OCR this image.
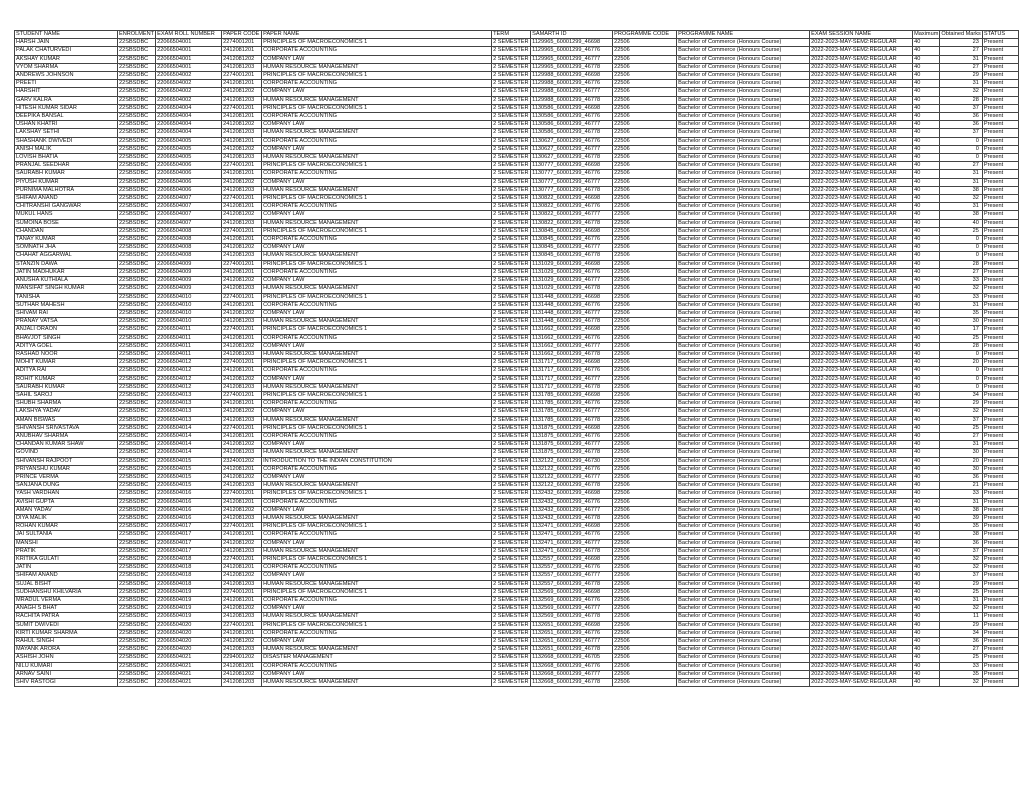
STUDENT NAME	ENROLMENT	EXAM ROLL NUMBER	PAPER CODE	PAPER NAME	TERM	SAMARTH ID	PROGRAMME CODE	PROGRAMME NAME	EXAM SESSION NAME	Maximum	Obtained Marks	STATUS
HARSH JAIN	22SBSDBC	22066504001	2274001201	PRINCIPLES OF MACROECONOMICS 1	2 SEMESTER	1129965_60001299_46698	22506	Bachelor of Commerce (Honours Course)	2022-2023-MAY-SEM2:REGULAR	40	23	Present
PALAK CHATURVEDI	22SBSDBC	22066504001	2412081201	CORPORATE ACCOUNTING	2 SEMESTER	1129965_60001299_46776	22506	Bachelor of Commerce (Honours Course)	2022-2023-MAY-SEM2:REGULAR	40	27	Present
AKSHAY KUMAR	22SBSDBC	22066504001	2412081202	COMPANY LAW	2 SEMESTER	1129965_60001299_46777	22506	Bachelor of Commerce (Honours Course)	2022-2023-MAY-SEM2:REGULAR	40	31	Present
VYOM SHARMA	22SBSDBC	22066504001	2412081203	HUMAN RESOURCE MANAGEMENT	2 SEMESTER	1129965_60001299_46778	22506	Bachelor of Commerce (Honours Course)	2022-2023-MAY-SEM2:REGULAR	40	27	Present
ANDREWS JOHNSON	22SBSDBC	22066504002	2274001201	PRINCIPLES OF MACROECONOMICS 1	2 SEMESTER	1129988_60001299_46698	22506	Bachelor of Commerce (Honours Course)	2022-2023-MAY-SEM2:REGULAR	40	29	Present
PREETI	22SBSDBC	22066504002	2412081201	CORPORATE ACCOUNTING	2 SEMESTER	1129988_60001299_46776	22506	Bachelor of Commerce (Honours Course)	2022-2023-MAY-SEM2:REGULAR	40	31	Present
HARSHIT	22SBSDBC	22066504002	2412081202	COMPANY LAW	2 SEMESTER	1129988_60001299_46777	22506	Bachelor of Commerce (Honours Course)	2022-2023-MAY-SEM2:REGULAR	40	32	Present
GARV KALRA	22SBSDBC	22066504002	2412081203	HUMAN RESOURCE MANAGEMENT	2 SEMESTER	1129988_60001299_46778	22506	Bachelor of Commerce (Honours Course)	2022-2023-MAY-SEM2:REGULAR	40	28	Present
HITESH KUMAR SIDAR	22SBSDBC	22066504004	2274001201	PRINCIPLES OF MACROECONOMICS 1	2 SEMESTER	1130586_60001299_46698	22506	Bachelor of Commerce (Honours Course)	2022-2023-MAY-SEM2:REGULAR	40	37	Present
DEEPIKA BANSAL	22SBSDBC	22066504004	2412081201	CORPORATE ACCOUNTING	2 SEMESTER	1130586_60001299_46776	22506	Bachelor of Commerce (Honours Course)	2022-2023-MAY-SEM2:REGULAR	40	36	Present
USHAN KHATRI	22SBSDBC	22066504004	2412081202	COMPANY LAW	2 SEMESTER	1130586_60001299_46777	22506	Bachelor of Commerce (Honours Course)	2022-2023-MAY-SEM2:REGULAR	40	36	Present
LAKSHAY SETHI	22SBSDBC	22066504004	2412081203	HUMAN RESOURCE MANAGEMENT	2 SEMESTER	1130586_60001299_46778	22506	Bachelor of Commerce (Honours Course)	2022-2023-MAY-SEM2:REGULAR	40	37	Present
SHASHANK DWIVEDI	22SBSDBC	22066504005	2412081201	CORPORATE ACCOUNTING	2 SEMESTER	1130627_60001299_46776	22506	Bachelor of Commerce (Honours Course)	2022-2023-MAY-SEM2:REGULAR	40	0	Present
ANISH MALIK	22SBSDBC	22066504005	2412081202	COMPANY LAW	2 SEMESTER	1130627_60001299_46777	22506	Bachelor of Commerce (Honours Course)	2022-2023-MAY-SEM2:REGULAR	40	0	Present
LOVISH BHATIA	22SBSDBC	22066504005	2412081203	HUMAN RESOURCE MANAGEMENT	2 SEMESTER	1130627_60001299_46778	22506	Bachelor of Commerce (Honours Course)	2022-2023-MAY-SEM2:REGULAR	40	0	Present
PRANJAL SEEDHAR	22SBSDBC	22066504006	2274001201	PRINCIPLES OF MACROECONOMICS 1	2 SEMESTER	1130777_60001299_46698	22506	Bachelor of Commerce (Honours Course)	2022-2023-MAY-SEM2:REGULAR	40	27	Present
SAURABH KUMAR	22SBSDBC	22066504006	2412081201	CORPORATE ACCOUNTING	2 SEMESTER	1130777_60001299_46776	22506	Bachelor of Commerce (Honours Course)	2022-2023-MAY-SEM2:REGULAR	40	31	Present
PIYUSH KUMAR	22SBSDBC	22066504006	2412081202	COMPANY LAW	2 SEMESTER	1130777_60001299_46777	22506	Bachelor of Commerce (Honours Course)	2022-2023-MAY-SEM2:REGULAR	40	31	Present
PURNIMA MALHOTRA	22SBSDBC	22066504006	2412081203	HUMAN RESOURCE MANAGEMENT	2 SEMESTER	1130777_60001299_46778	22506	Bachelor of Commerce (Honours Course)	2022-2023-MAY-SEM2:REGULAR	40	38	Present
SHIFAM ANAND	22SBSDBC	22066504007	2274001201	PRINCIPLES OF MACROECONOMICS 1	2 SEMESTER	1130822_60001299_46698	22506	Bachelor of Commerce (Honours Course)	2022-2023-MAY-SEM2:REGULAR	40	32	Present
CHITRANSHI GANGWAR	22SBSDBC	22066504007	2412081201	CORPORATE ACCOUNTING	2 SEMESTER	1130822_60001299_46776	22506	Bachelor of Commerce (Honours Course)	2022-2023-MAY-SEM2:REGULAR	40	31	Present
MUKUL HANS	22SBSDBC	22066504007	2412081202	COMPANY LAW	2 SEMESTER	1130822_60001299_46777	22506	Bachelor of Commerce (Honours Course)	2022-2023-MAY-SEM2:REGULAR	40	38	Present
SUMOINA BOSE	22SBSDBC	22066504007	2412081203	HUMAN RESOURCE MANAGEMENT	2 SEMESTER	1130822_60001299_46778	22506	Bachelor of Commerce (Honours Course)	2022-2023-MAY-SEM2:REGULAR	40	40	Present
CHANDAN	22SBSDBC	22066504008	2274001201	PRINCIPLES OF MACROECONOMICS 1	2 SEMESTER	1130845_60001299_46698	22506	Bachelor of Commerce (Honours Course)	2022-2023-MAY-SEM2:REGULAR	40	25	Present
TANAY KUMAR	22SBSDBC	22066504008	2412081201	CORPORATE ACCOUNTING	2 SEMESTER	1130845_60001299_46776	22506	Bachelor of Commerce (Honours Course)	2022-2023-MAY-SEM2:REGULAR	40	0	Present
SOMNATH JHA	22SBSDBC	22066504008	2412081202	COMPANY LAW	2 SEMESTER	1130845_60001299_46777	22506	Bachelor of Commerce (Honours Course)	2022-2023-MAY-SEM2:REGULAR	40	0	Present
CHAHAT AGGARWAL	22SBSDBC	22066504008	2412081203	HUMAN RESOURCE MANAGEMENT	2 SEMESTER	1130845_60001299_46778	22506	Bachelor of Commerce (Honours Course)	2022-2023-MAY-SEM2:REGULAR	40	0	Present
STANZIN DAWA	22SBSDBC	22066504009	2274001201	PRINCIPLES OF MACROECONOMICS 1	2 SEMESTER	1131029_60001299_46698	22506	Bachelor of Commerce (Honours Course)	2022-2023-MAY-SEM2:REGULAR	40	28	Present
JATIN MADHUKAR	22SBSDBC	22066504009	2412081201	CORPORATE ACCOUNTING	2 SEMESTER	1131029_60001299_46776	22506	Bachelor of Commerce (Honours Course)	2022-2023-MAY-SEM2:REGULAR	40	27	Present
ANUSHA KUTHIALA	22SBSDBC	22066504009	2412081202	COMPANY LAW	2 SEMESTER	1131029_60001299_46777	22506	Bachelor of Commerce (Honours Course)	2022-2023-MAY-SEM2:REGULAR	40	33	Present
MANSIFAT SINGH KUMAR	22SBSDBC	22066504009	2412081203	HUMAN RESOURCE MANAGEMENT	2 SEMESTER	1131029_60001299_46778	22506	Bachelor of Commerce (Honours Course)	2022-2023-MAY-SEM2:REGULAR	40	32	Present
TANISHA	22SBSDBC	22066504010	2274001201	PRINCIPLES OF MACROECONOMICS 1	2 SEMESTER	1131448_60001299_46698	22506	Bachelor of Commerce (Honours Course)	2022-2023-MAY-SEM2:REGULAR	40	33	Present
SUTHAR MAHESH	22SBSDBC	22066504010	2412081201	CORPORATE ACCOUNTING	2 SEMESTER	1131448_60001299_46776	22506	Bachelor of Commerce (Honours Course)	2022-2023-MAY-SEM2:REGULAR	40	31	Present
SHIVAM RAI	22SBSDBC	22066504010	2412081202	COMPANY LAW	2 SEMESTER	1131448_60001299_46777	22506	Bachelor of Commerce (Honours Course)	2022-2023-MAY-SEM2:REGULAR	40	35	Present
PRANAY VATSA	22SBSDBC	22066504010	2412081203	HUMAN RESOURCE MANAGEMENT	2 SEMESTER	1131448_60001299_46778	22506	Bachelor of Commerce (Honours Course)	2022-2023-MAY-SEM2:REGULAR	40	30	Present
ANJALI ORAON	22SBSDBC	22066504011	2274001201	PRINCIPLES OF MACROECONOMICS 1	2 SEMESTER	1131662_60001299_46698	22506	Bachelor of Commerce (Honours Course)	2022-2023-MAY-SEM2:REGULAR	40	17	Present
BHAVJOT SINGH	22SBSDBC	22066504011	2412081201	CORPORATE ACCOUNTING	2 SEMESTER	1131662_60001299_46776	22506	Bachelor of Commerce (Honours Course)	2022-2023-MAY-SEM2:REGULAR	40	25	Present
ADITYA GOEL	22SBSDBC	22066504011	2412081202	COMPANY LAW	2 SEMESTER	1131662_60001299_46777	22506	Bachelor of Commerce (Honours Course)	2022-2023-MAY-SEM2:REGULAR	40	28	Present
RASHAD NOOR	22SBSDBC	22066504011	2412081203	HUMAN RESOURCE MANAGEMENT	2 SEMESTER	1131662_60001299_46778	22506	Bachelor of Commerce (Honours Course)	2022-2023-MAY-SEM2:REGULAR	40	0	Present
MOHIT KUMAR	22SBSDBC	22066504012	2274001201	PRINCIPLES OF MACROECONOMICS 1	2 SEMESTER	1131717_60001299_46698	22506	Bachelor of Commerce (Honours Course)	2022-2023-MAY-SEM2:REGULAR	40	20	Present
ADITYA RAI	22SBSDBC	22066504012	2412081201	CORPORATE ACCOUNTING	2 SEMESTER	1131717_60001299_46776	22506	Bachelor of Commerce (Honours Course)	2022-2023-MAY-SEM2:REGULAR	40	0	Present
ROHIT KUMAR	22SBSDBC	22066504012	2412081202	COMPANY LAW	2 SEMESTER	1131717_60001299_46777	22506	Bachelor of Commerce (Honours Course)	2022-2023-MAY-SEM2:REGULAR	40	0	Present
SAURABH KUMAR	22SBSDBC	22066504012	2412081203	HUMAN RESOURCE MANAGEMENT	2 SEMESTER	1131717_60001299_46778	22506	Bachelor of Commerce (Honours Course)	2022-2023-MAY-SEM2:REGULAR	40	0	Present
SAHIL SAROJ	22SBSDBC	22066504013	2274001201	PRINCIPLES OF MACROECONOMICS 1	2 SEMESTER	1131785_60001299_46698	22506	Bachelor of Commerce (Honours Course)	2022-2023-MAY-SEM2:REGULAR	40	34	Present
SHUBH SHARMA	22SBSDBC	22066504013	2412081201	CORPORATE ACCOUNTING	2 SEMESTER	1131785_60001299_46776	22506	Bachelor of Commerce (Honours Course)	2022-2023-MAY-SEM2:REGULAR	40	29	Present
LAKSHYA YADAV	22SBSDBC	22066504013	2412081202	COMPANY LAW	2 SEMESTER	1131785_60001299_46777	22506	Bachelor of Commerce (Honours Course)	2022-2023-MAY-SEM2:REGULAR	40	32	Present
AMAN BISWAS	22SBSDBC	22066504013	2412081203	HUMAN RESOURCE MANAGEMENT	2 SEMESTER	1131785_60001299_46778	22506	Bachelor of Commerce (Honours Course)	2022-2023-MAY-SEM2:REGULAR	40	37	Present
SHIVANSH SRIVASTAVA	22SBSDBC	22066504014	2274001201	PRINCIPLES OF MACROECONOMICS 1	2 SEMESTER	1131875_60001299_46698	22506	Bachelor of Commerce (Honours Course)	2022-2023-MAY-SEM2:REGULAR	40	25	Present
ANUBHAV SHARMA	22SBSDBC	22066504014	2412081201	CORPORATE ACCOUNTING	2 SEMESTER	1131875_60001299_46776	22506	Bachelor of Commerce (Honours Course)	2022-2023-MAY-SEM2:REGULAR	40	27	Present
CHANDAN KUMAR SHAW	22SBSDBC	22066504014	2412081202	COMPANY LAW	2 SEMESTER	1131875_60001299_46777	22506	Bachelor of Commerce (Honours Course)	2022-2023-MAY-SEM2:REGULAR	40	31	Present
GOVIND	22SBSDBC	22066504014	2412081203	HUMAN RESOURCE MANAGEMENT	2 SEMESTER	1131875_60001299_46778	22506	Bachelor of Commerce (Honours Course)	2022-2023-MAY-SEM2:REGULAR	40	30	Present
SHIVANSH RAJPOOT	22SBSDBC	22066504015	2324001202	INTRODUCTION TO THE INDIAN CONSTITUTION	2 SEMESTER	1132122_60001299_46730	22506	Bachelor of Commerce (Honours Course)	2022-2023-MAY-SEM2:REGULAR	40	20	Present
PRIYANSHU KUMAR	22SBSDBC	22066504015	2412081201	CORPORATE ACCOUNTING	2 SEMESTER	1132122_60001299_46776	22506	Bachelor of Commerce (Honours Course)	2022-2023-MAY-SEM2:REGULAR	40	30	Present
PRINCE VERMA	22SBSDBC	22066504015	2412081202	COMPANY LAW	2 SEMESTER	1132122_60001299_46777	22506	Bachelor of Commerce (Honours Course)	2022-2023-MAY-SEM2:REGULAR	40	36	Present
SANJANA DUNG	22SBSDBC	22066504015	2412081203	HUMAN RESOURCE MANAGEMENT	2 SEMESTER	1132122_60001299_46778	22506	Bachelor of Commerce (Honours Course)	2022-2023-MAY-SEM2:REGULAR	40	21	Present
YASH VARDHAN	22SBSDBC	22066504016	2274001201	PRINCIPLES OF MACROECONOMICS 1	2 SEMESTER	1132432_60001299_46698	22506	Bachelor of Commerce (Honours Course)	2022-2023-MAY-SEM2:REGULAR	40	33	Present
AVISHI GUPTA	22SBSDBC	22066504016	2412081201	CORPORATE ACCOUNTING	2 SEMESTER	1132432_60001299_46776	22506	Bachelor of Commerce (Honours Course)	2022-2023-MAY-SEM2:REGULAR	40	31	Present
AMAN YADAV	22SBSDBC	22066504016	2412081202	COMPANY LAW	2 SEMESTER	1132432_60001299_46777	22506	Bachelor of Commerce (Honours Course)	2022-2023-MAY-SEM2:REGULAR	40	38	Present
DIYA MALIK	22SBSDBC	22066504016	2412081203	HUMAN RESOURCE MANAGEMENT	2 SEMESTER	1132432_60001299_46778	22506	Bachelor of Commerce (Honours Course)	2022-2023-MAY-SEM2:REGULAR	40	39	Present
ROHAN KUMAR	22SBSDBC	22066504017	2274001201	PRINCIPLES OF MACROECONOMICS 1	2 SEMESTER	1132471_60001299_46698	22506	Bachelor of Commerce (Honours Course)	2022-2023-MAY-SEM2:REGULAR	40	35	Present
JAI SULTANIA	22SBSDBC	22066504017	2412081201	CORPORATE ACCOUNTING	2 SEMESTER	1132471_60001299_46776	22506	Bachelor of Commerce (Honours Course)	2022-2023-MAY-SEM2:REGULAR	40	38	Present
MANSHI	22SBSDBC	22066504017	2412081202	COMPANY LAW	2 SEMESTER	1132471_60001299_46777	22506	Bachelor of Commerce (Honours Course)	2022-2023-MAY-SEM2:REGULAR	40	36	Present
PRATIK	22SBSDBC	22066504017	2412081203	HUMAN RESOURCE MANAGEMENT	2 SEMESTER	1132471_60001299_46778	22506	Bachelor of Commerce (Honours Course)	2022-2023-MAY-SEM2:REGULAR	40	37	Present
KRITIKA GULATI	22SBSDBC	22066504018	2274001201	PRINCIPLES OF MACROECONOMICS 1	2 SEMESTER	1132557_60001299_46698	22506	Bachelor of Commerce (Honours Course)	2022-2023-MAY-SEM2:REGULAR	40	32	Present
JATIN	22SBSDBC	22066504018	2412081201	CORPORATE ACCOUNTING	2 SEMESTER	1132557_60001299_46776	22506	Bachelor of Commerce (Honours Course)	2022-2023-MAY-SEM2:REGULAR	40	32	Present
SHIFAM ANAND	22SBSDBC	22066504018	2412081202	COMPANY LAW	2 SEMESTER	1132557_60001299_46777	22506	Bachelor of Commerce (Honours Course)	2022-2023-MAY-SEM2:REGULAR	40	37	Present
SUJAL BISHT	22SBSDBC	22066504018	2412081203	HUMAN RESOURCE MANAGEMENT	2 SEMESTER	1132557_60001299_46778	22506	Bachelor of Commerce (Honours Course)	2022-2023-MAY-SEM2:REGULAR	40	29	Present
SUDHANSHU KHILVARIA	22SBSDBC	22066504019	2274001201	PRINCIPLES OF MACROECONOMICS 1	2 SEMESTER	1132569_60001299_46698	22506	Bachelor of Commerce (Honours Course)	2022-2023-MAY-SEM2:REGULAR	40	25	Present
MRADUL VERMA	22SBSDBC	22066504019	2412081201	CORPORATE ACCOUNTING	2 SEMESTER	1132569_60001299_46776	22506	Bachelor of Commerce (Honours Course)	2022-2023-MAY-SEM2:REGULAR	40	31	Present
ANAGH S BHAT	22SBSDBC	22066504019	2412081202	COMPANY LAW	2 SEMESTER	1132569_60001299_46777	22506	Bachelor of Commerce (Honours Course)	2022-2023-MAY-SEM2:REGULAR	40	32	Present
RACHITA PATRA	22SBSDBC	22066504019	2412081203	HUMAN RESOURCE MANAGEMENT	2 SEMESTER	1132569_60001299_46778	22506	Bachelor of Commerce (Honours Course)	2022-2023-MAY-SEM2:REGULAR	40	11	Present
SUMIT DWIVEDI	22SBSDBC	22066504020	2274001201	PRINCIPLES OF MACROECONOMICS 1	2 SEMESTER	1132651_60001299_46698	22506	Bachelor of Commerce (Honours Course)	2022-2023-MAY-SEM2:REGULAR	40	29	Present
KIRTI KUMAR SHARMA	22SBSDBC	22066504020	2412081201	CORPORATE ACCOUNTING	2 SEMESTER	1132651_60001299_46776	22506	Bachelor of Commerce (Honours Course)	2022-2023-MAY-SEM2:REGULAR	40	34	Present
RAHUL SINGH	22SBSDBC	22066504020	2412081202	COMPANY LAW	2 SEMESTER	1132651_60001299_46777	22506	Bachelor of Commerce (Honours Course)	2022-2023-MAY-SEM2:REGULAR	40	36	Present
MAYANK ARORA	22SBSDBC	22066504020	2412081203	HUMAN RESOURCE MANAGEMENT	2 SEMESTER	1132651_60001299_46778	22506	Bachelor of Commerce (Honours Course)	2022-2023-MAY-SEM2:REGULAR	40	27	Present
ASHISH JOHN	22SBSDBC	22066504021	2294001202	DISASTER MANAGEMENT	2 SEMESTER	1132668_60001299_46705	22506	Bachelor of Commerce (Honours Course)	2022-2023-MAY-SEM2:REGULAR	40	25	Present
NILU KUMARI	22SBSDBC	22066504021	2412081201	CORPORATE ACCOUNTING	2 SEMESTER	1132668_60001299_46776	22506	Bachelor of Commerce (Honours Course)	2022-2023-MAY-SEM2:REGULAR	40	33	Present
ARNAV SAINI	22SBSDBC	22066504021	2412081202	COMPANY LAW	2 SEMESTER	1132668_60001299_46777	22506	Bachelor of Commerce (Honours Course)	2022-2023-MAY-SEM2:REGULAR	40	35	Present
SHIV RASTOGI	22SBSDBC	22066504021	2412081203	HUMAN RESOURCE MANAGEMENT	2 SEMESTER	1132668_60001299_46778	22506	Bachelor of Commerce (Honours Course)	2022-2023-MAY-SEM2:REGULAR	40	32	Present
